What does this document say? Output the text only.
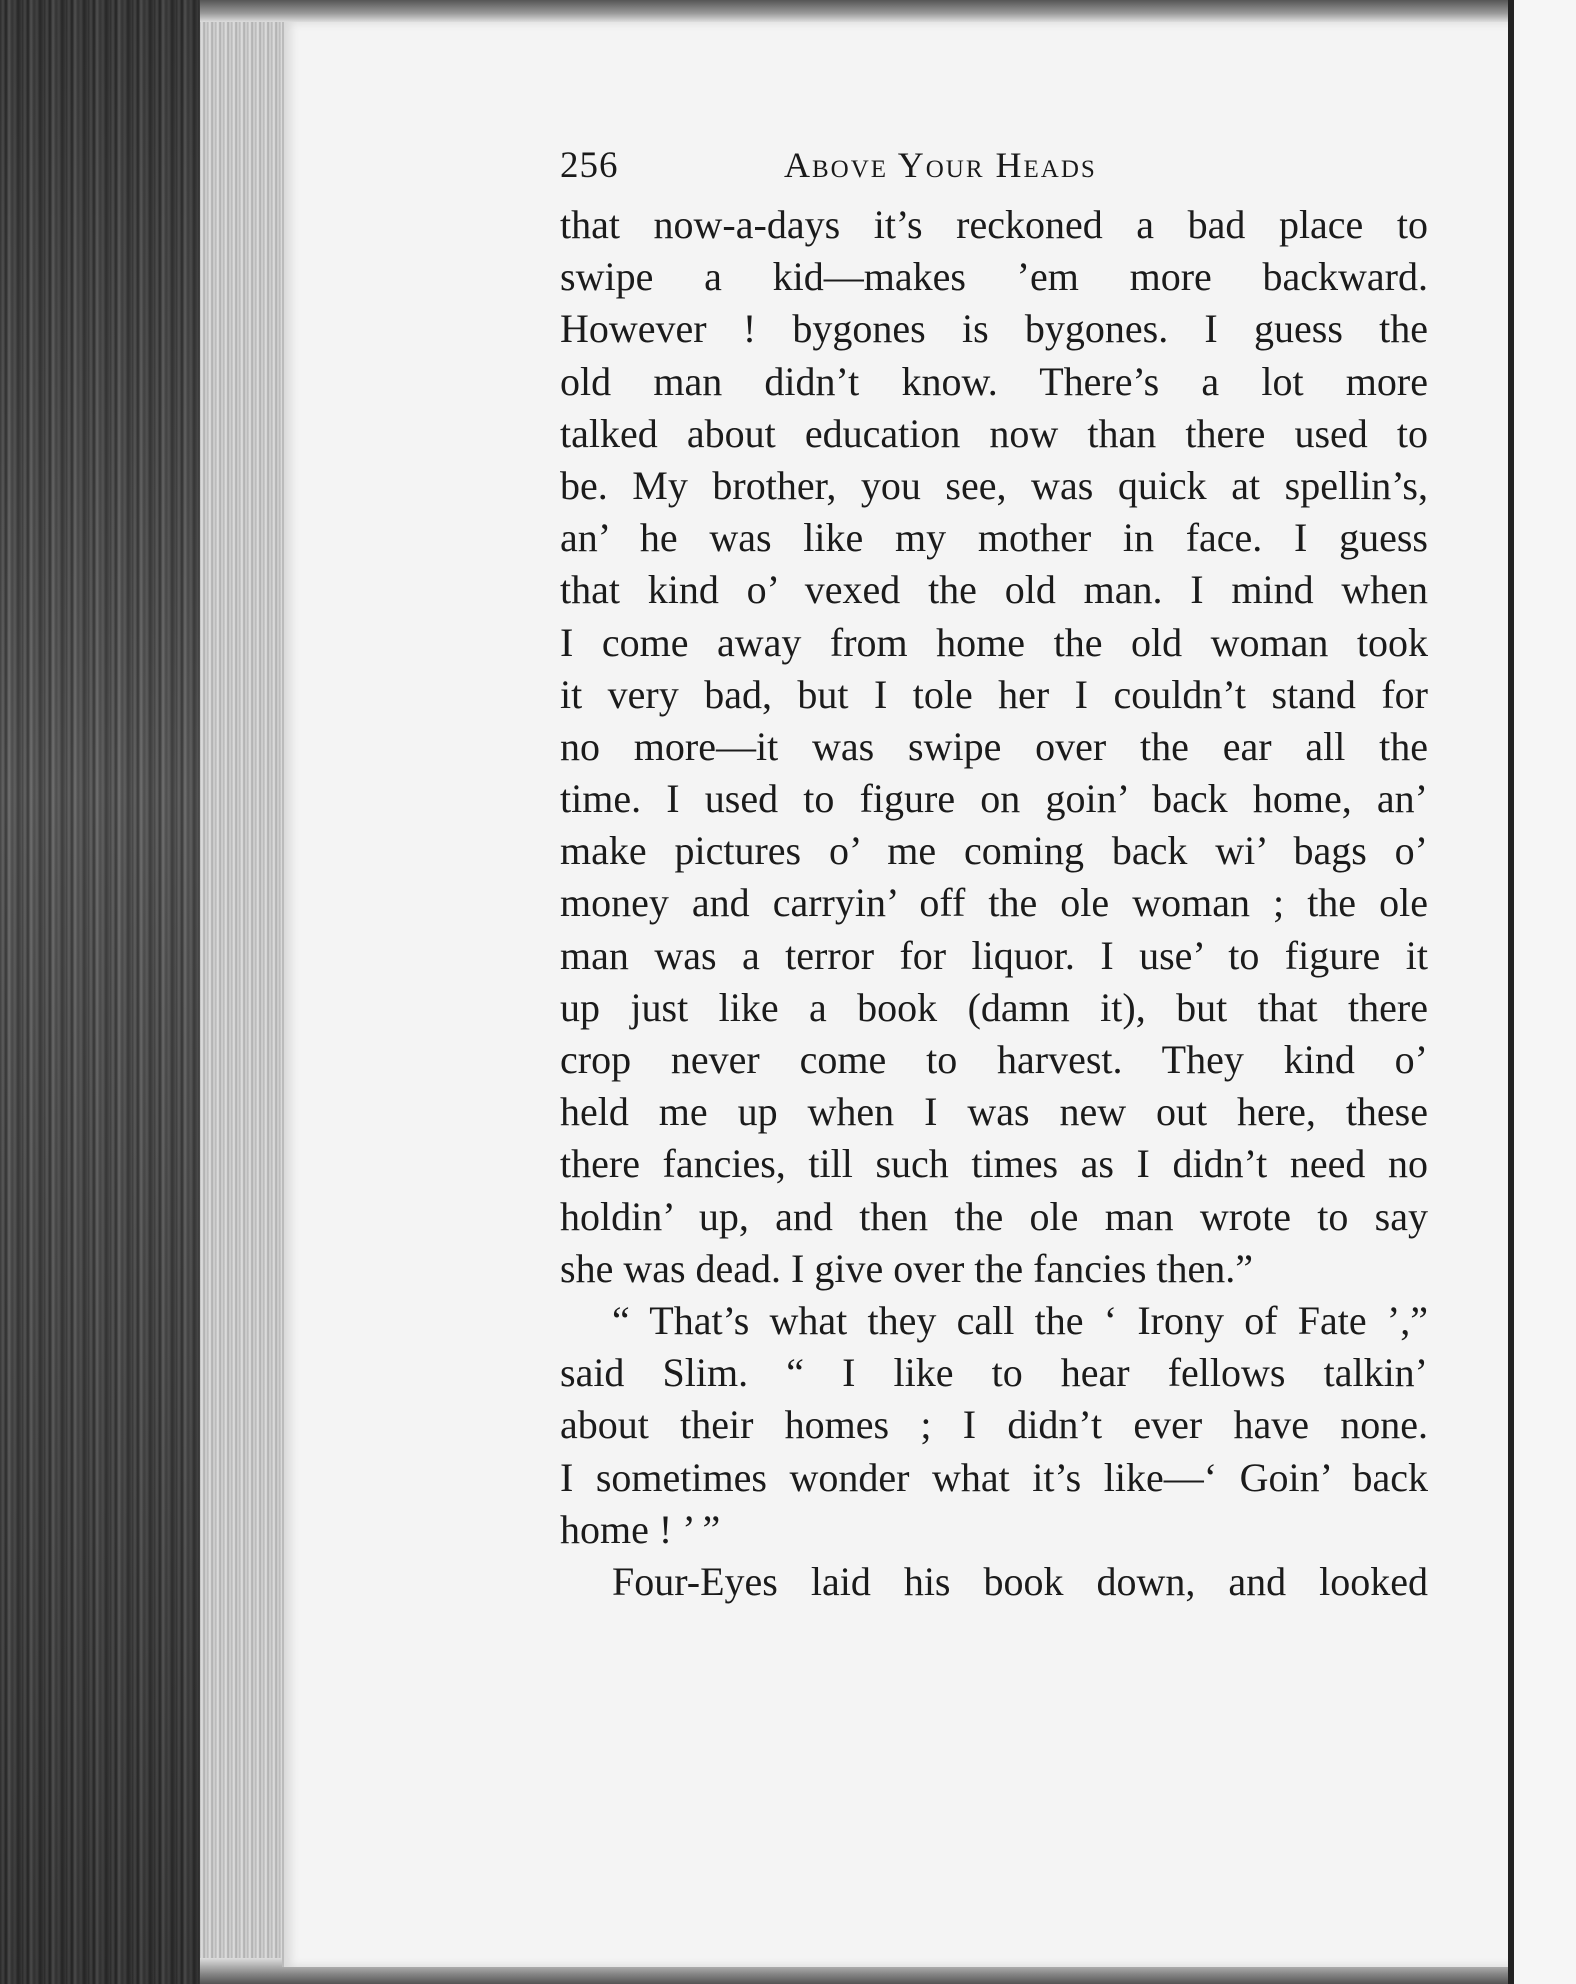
256	Above Your Heads
that now-a-days it’s reckoned a bad place to
swipe a kid—makes ’em more backward.
However ! bygones is bygones. I guess the
old man didn’t know. There’s a lot more
talked about education now than there used to
be. My brother, you see, was quick at spellin’s,
an’ he was like my mother in face. I guess
that kind o’ vexed the old man. I mind when
I come away from home the old woman took
it very bad, but I tole her I couldn’t stand for
no more—it was swipe over the ear all the
time. I used to figure on goin’ back home, an’
make pictures o’ me coming back wi’ bags o’
money and carryin’ off the ole woman ; the ole
man was a terror for liquor. I use’ to figure it
up just like a book (damn it), but that there
crop never come to harvest. They kind o’
held me up when I was new out here, these
there fancies, till such times as I didn’t need no
holdin’ up, and then the ole man wrote to say
she was dead. I give over the fancies then.”
“ That’s what they call the ‘ Irony of Fate ’,”
said Slim. “ I like to hear fellows talkin’
about their homes ; I didn’t ever have none.
I sometimes wonder what it’s like—‘ Goin’ back
home ! ’ ”
Four-Eyes laid his book down, and looked
